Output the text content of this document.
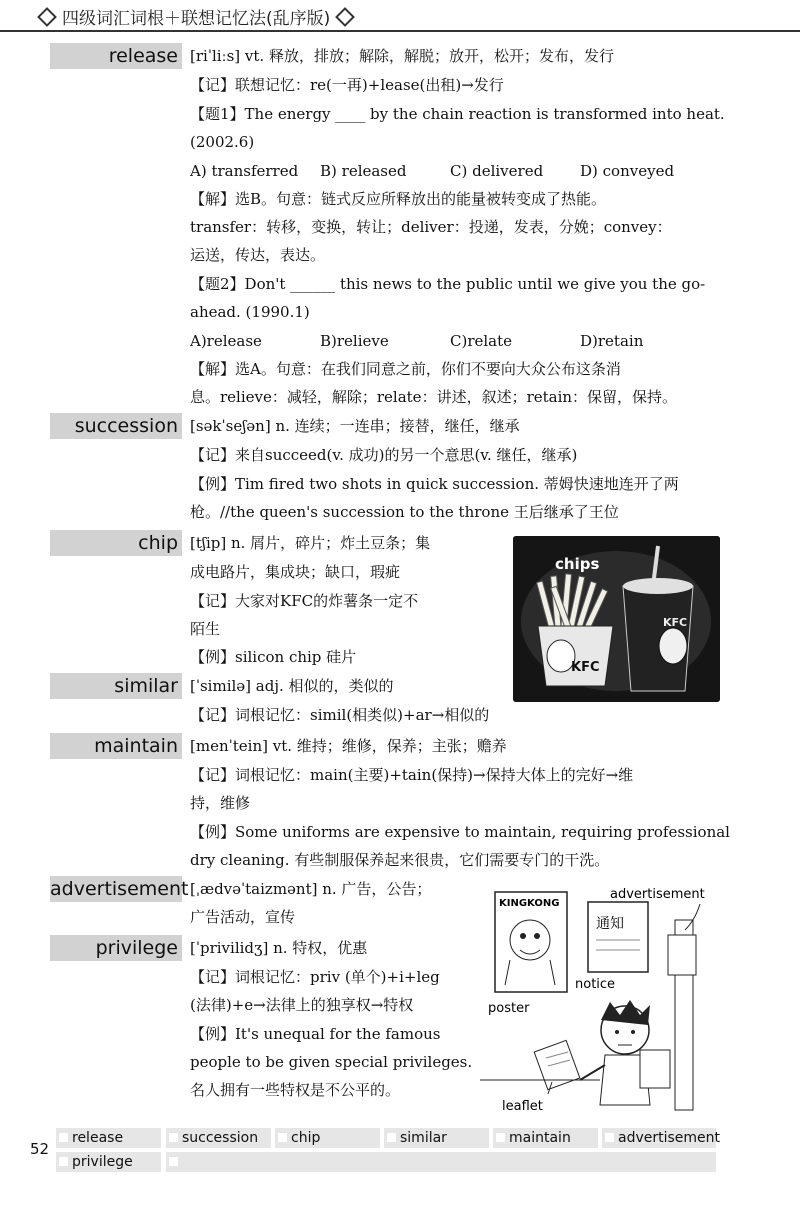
四级词汇词根＋联想记忆法(乱序版)
release [riˈliːs] vt. 释放，排放；解除，解脱；放开，松开；发布，发行
【记】联想记忆：re(一再)+lease(出租)→发行
【题1】The energy ____ by the chain reaction is transformed into heat.
(2002.6)
A) transferred B) released	C) delivered D) conveyed
【解】选B。句意：链式反应所释放出的能量被转变成了热能。
transfer：转移，变换，转让；deliver：投递，发表，分娩；convey：
运送，传达，表达。
【题2】Don't ______ this news to the public until we give you the go-
ahead. (1990.1)
A)release	B)relieve	C)relate	D)retain
【解】选A。句意：在我们同意之前，你们不要向大众公布这条消
息。relieve：减轻，解除；relate：讲述，叙述；retain：保留，保持。
succession [səkˈseʃən] n. 连续；一连串；接替，继任，继承
【记】来自succeed(v. 成功)的另一个意思(v. 继任，继承)
【例】Tim fired two shots in quick succession. 蒂姆快速地连开了两
枪。//the queen's succession to the throne 王后继承了王位
chip [tʃip] n. 屑片，碎片；炸土豆条；集
成电路片，集成块；缺口，瑕疵
【记】大家对KFC的炸薯条一定不
陌生
【例】silicon chip 硅片
chips
KFC
KFC
similar [ˈsimilə] adj. 相似的，类似的
【记】词根记忆：simil(相类似)+ar→相似的
maintain [menˈtein] vt. 维持；维修，保养；主张；赡养
【记】词根记忆：main(主要)+tain(保持)→保持大体上的完好→维
持，维修
【例】Some uniforms are expensive to maintain, requiring professional
dry cleaning. 有些制服保养起来很贵，它们需要专门的干洗。
advertisement [ˌædvəˈtaizmənt] n. 广告，公告；
广告活动，宣传
privilege [ˈprivilidʒ] n. 特权，优惠
【记】词根记忆：priv (单个)+i+leg
(法律)+e→法律上的独享权→特权
【例】It's unequal for the famous
people to be given special privileges.
名人拥有一些特权是不公平的。
KINGKONG
poster
通知
notice
advertisement
leaflet
52
release	succession	chip	similar	maintain	advertisement
privilege
